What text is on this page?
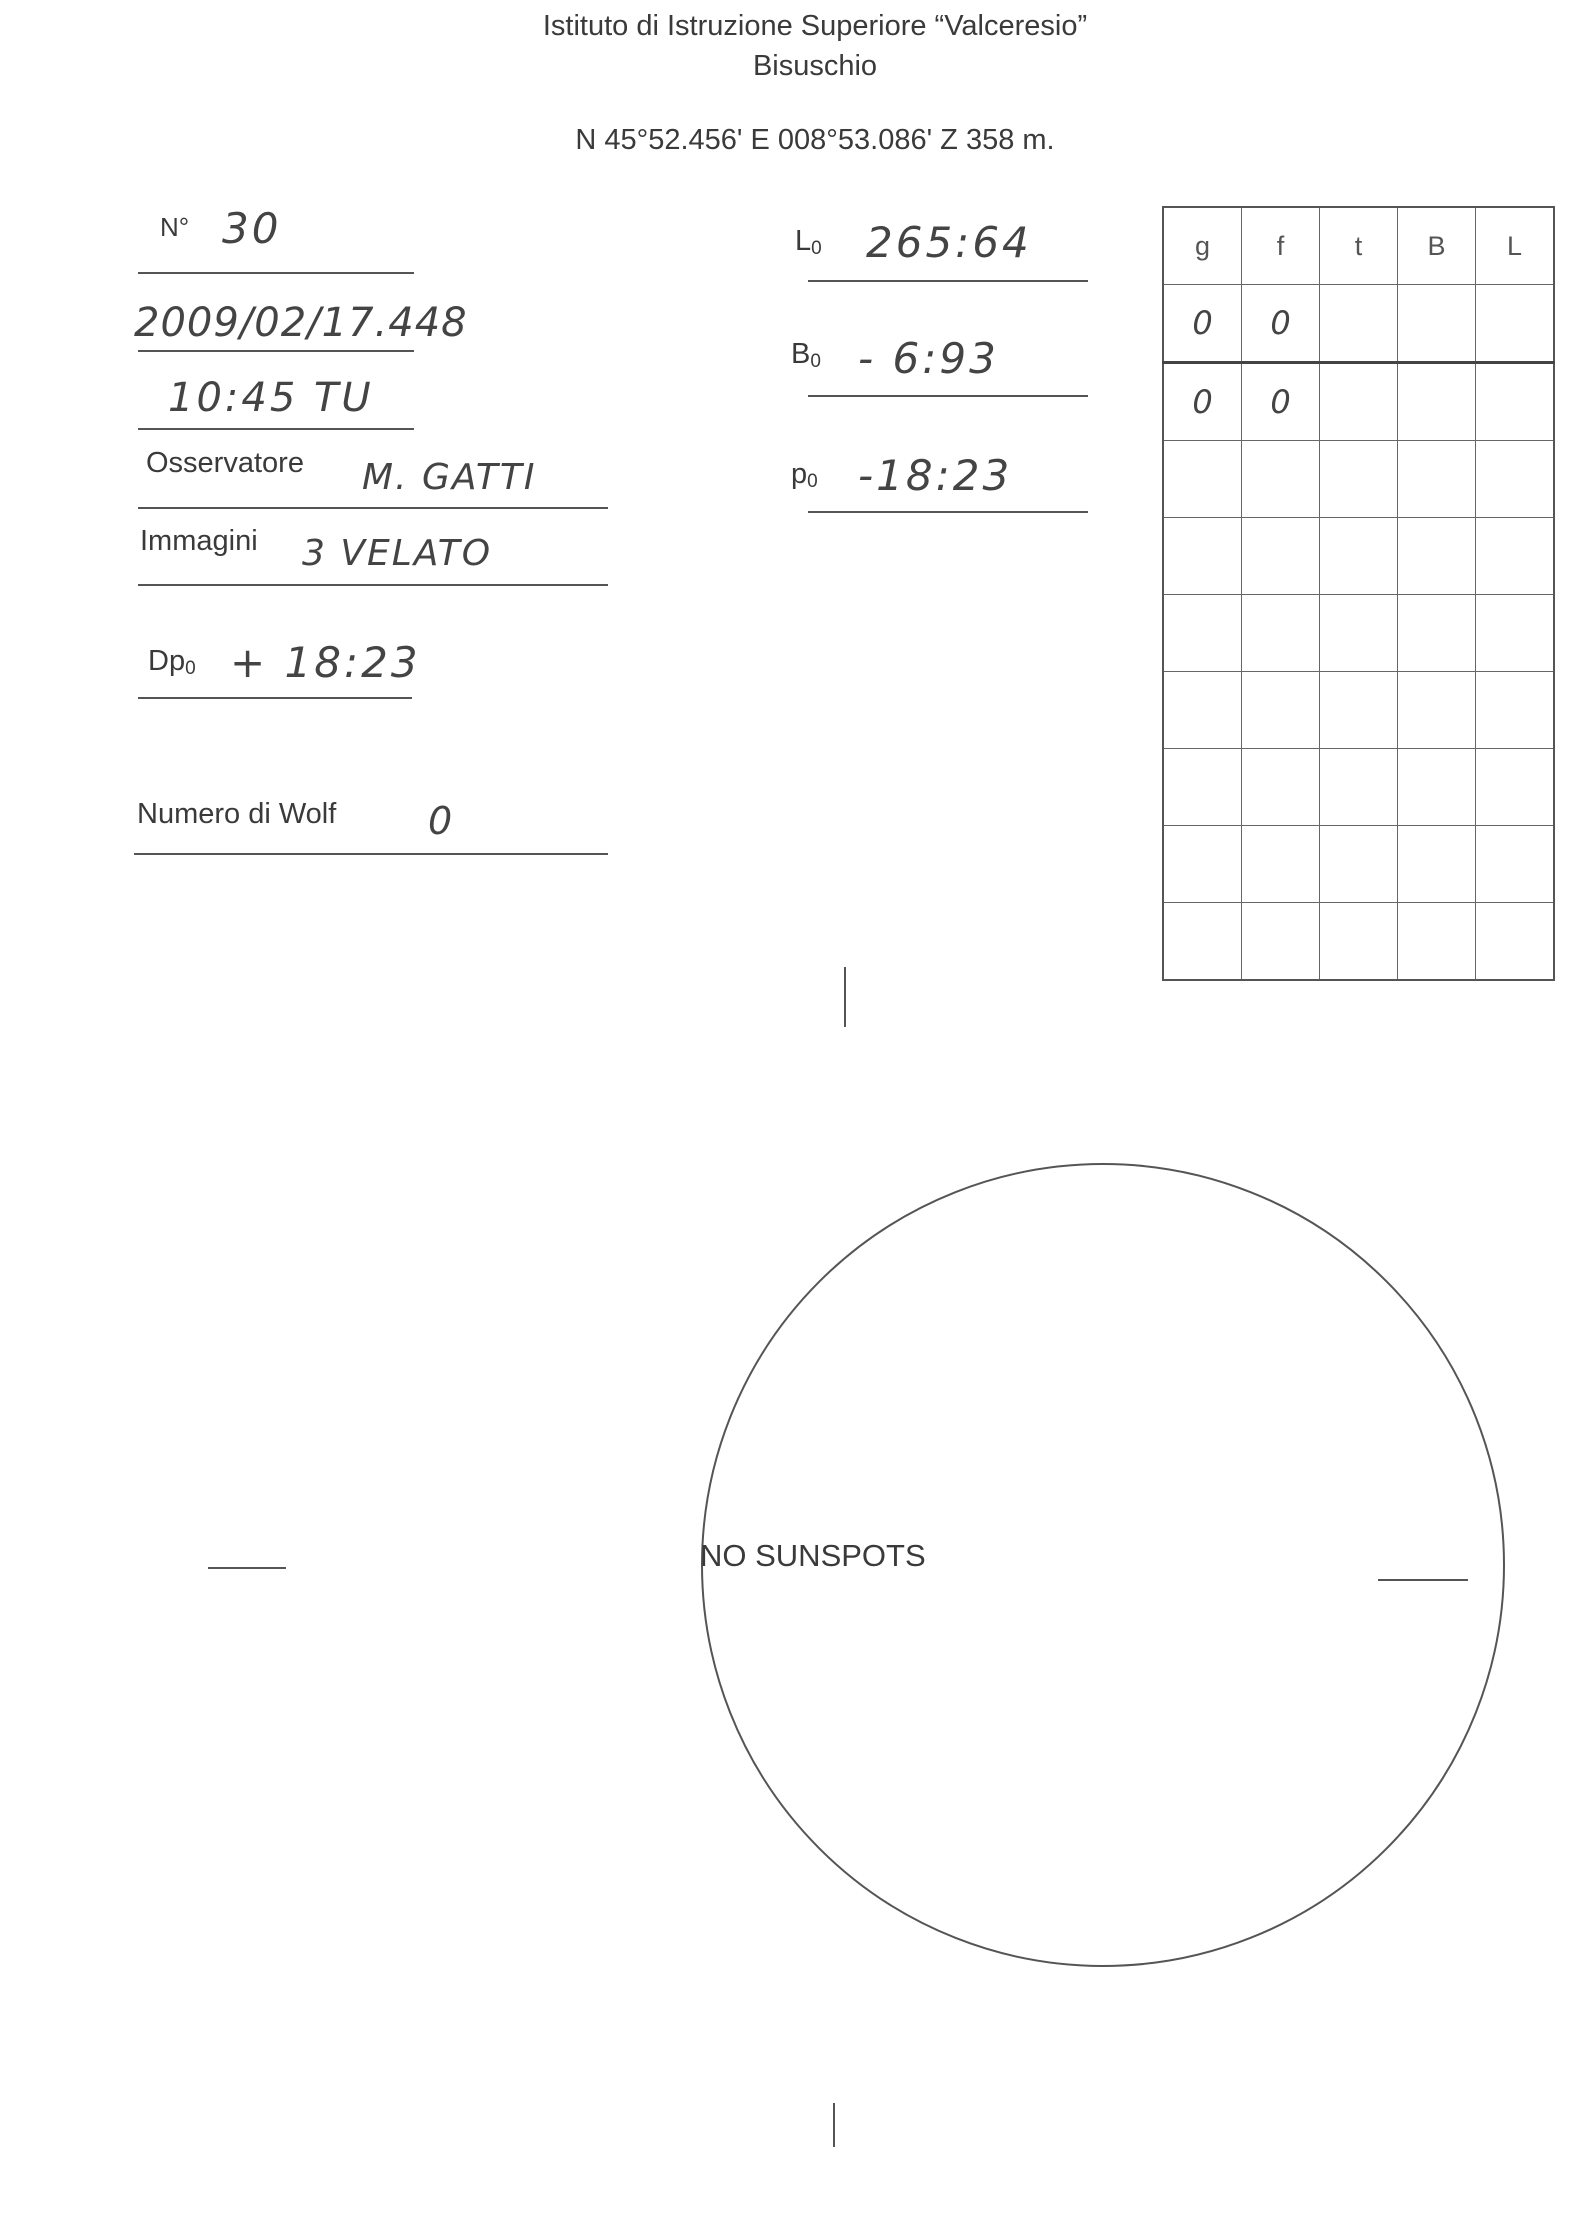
Istituto di Istruzione Superiore “Valceresio”
Bisuschio
N 45°52.456' E 008°53.086' Z 358 m.
N° 30
2009/02/17.448
10:45 TU
Osservatore M. GATTI
Immagini 3 VELATO
$Dp_0$ + 18:23
Numero di Wolf 0
$L_0$ 265:64
$B_0$ - 6:93
$p_0$ -18:23
g	f	t	B	L
0	0			
0	0			

NO SUNSPOTS
